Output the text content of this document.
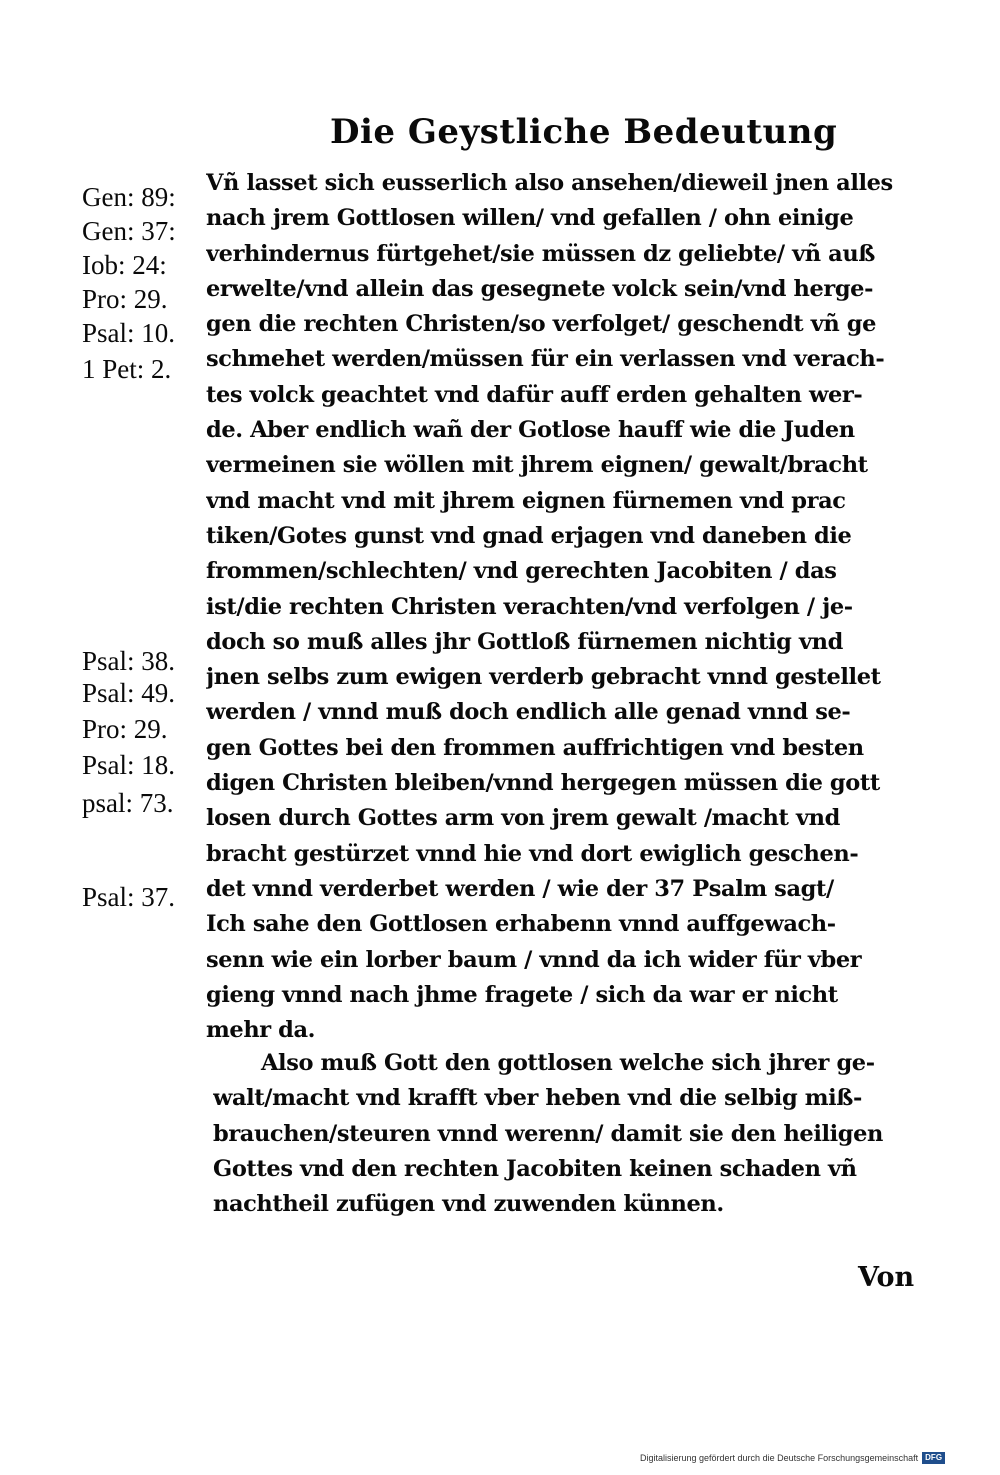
Die Geystliche Bedeutung
Gen: 89:
Gen: 37:
Iob: 24:
Pro: 29.
Psal: 10.
1 Pet: 2.
Psal: 38.
Psal: 49.
Pro: 29.
Psal: 18.
psal: 73.
Psal: 37.
Vñ lasset sich eusserlich also ansehen/dieweil jnen alles
nach jrem Gottlosen willen/ vnd gefallen / ohn einige
verhindernus fürtgehet/sie müssen dz geliebte/ vñ auß
erwelte/vnd allein das gesegnete volck sein/vnd herge-
gen die rechten Christen/so verfolget/ geschendt vñ ge
schmehet werden/müssen für ein verlassen vnd verach-
tes volck geachtet vnd dafür auff erden gehalten wer-
de. Aber endlich wañ der Gotlose hauff wie die Juden
vermeinen sie wöllen mit jhrem eignen/ gewalt/bracht
vnd macht vnd mit jhrem eignen fürnemen vnd prac
tiken/Gotes gunst vnd gnad erjagen vnd daneben die
frommen/schlechten/ vnd gerechten Jacobiten / das
ist/die rechten Christen verachten/vnd verfolgen / je-
doch so muß alles jhr Gottloß fürnemen nichtig vnd
jnen selbs zum ewigen verderb gebracht vnnd gestellet
werden / vnnd muß doch endlich alle genad vnnd se-
gen Gottes bei den frommen auffrichtigen vnd besten
digen Christen bleiben/vnnd hergegen müssen die gott
losen durch Gottes arm von jrem gewalt /macht vnd
bracht gestürzet vnnd hie vnd dort ewiglich geschen-
det vnnd verderbet werden / wie der 37 Psalm sagt/
Ich sahe den Gottlosen erhabenn vnnd auffgewach-
senn wie ein lorber baum / vnnd da ich wider für vber
gieng vnnd nach jhme fragete / sich da war er nicht
mehr da.
Also muß Gott den gottlosen welche sich jhrer ge-
walt/macht vnd krafft vber heben vnd die selbig miß-
brauchen/steuren vnnd werenn/ damit sie den heiligen
Gottes vnd den rechten Jacobiten keinen schaden vñ
nachtheil zufügen vnd zuwenden künnen.
Von
Digitalisierung gefördert durch die Deutsche Forschungsgemeinschaft DFG
